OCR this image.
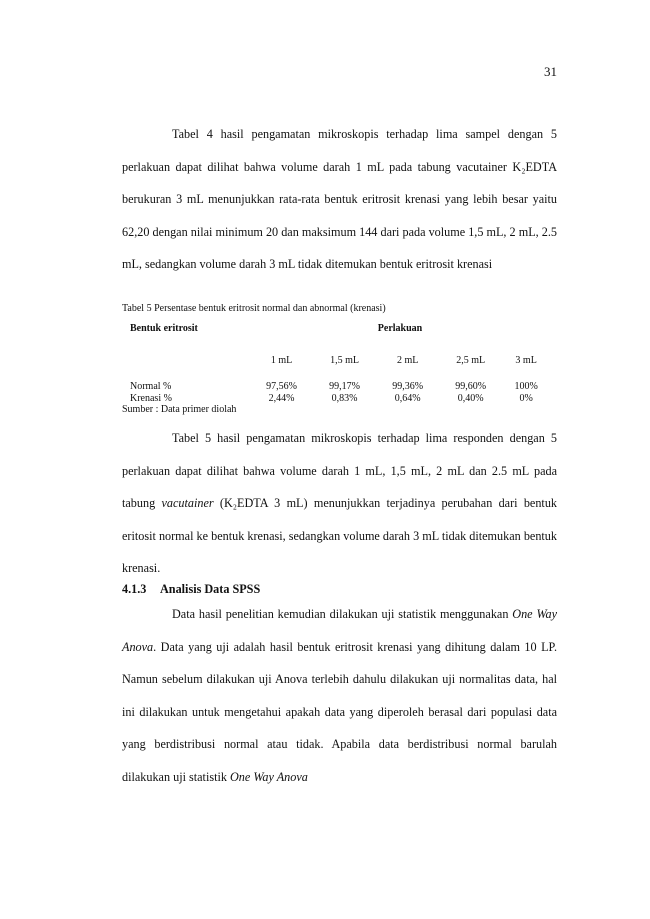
31

Tabel 4 hasil pengamatan mikroskopis terhadap lima sampel dengan 5 perlakuan dapat dilihat bahwa volume darah 1 mL pada tabung vacutainer K₂EDTA berukuran 3 mL menunjukkan rata-rata bentuk eritrosit krenasi yang lebih besar yaitu 62,20 dengan nilai minimum 20 dan maksimum 144 dari pada volume 1,5 mL, 2 mL, 2.5 mL, sedangkan volume darah 3 mL tidak ditemukan bentuk eritrosit krenasi

Tabel 5 Persentase bentuk eritrosit normal dan abnormal (krenasi)
Bentuk eritrosit	Perlakuan				
	1 mL	1,5 mL	2 mL	2,5 mL	3 mL
Normal %	97,56%	99,17%	99,36%	99,60%	100%
Krenasi %	2,44%	0,83%	0,64%	0,40%	0%
Sumber : Data primer diolah

Tabel 5 hasil pengamatan mikroskopis terhadap lima responden dengan 5 perlakuan dapat dilihat bahwa volume darah 1 mL, 1,5 mL, 2 mL dan 2.5 mL pada tabung vacutainer (K₂EDTA 3 mL) menunjukkan terjadinya perubahan dari bentuk eritosit normal ke bentuk krenasi, sedangkan volume darah 3 mL tidak ditemukan bentuk krenasi.

4.1.3 Analisis Data SPSS

Data hasil penelitian kemudian dilakukan uji statistik menggunakan One Way Anova. Data yang uji adalah hasil bentuk eritrosit krenasi yang dihitung dalam 10 LP. Namun sebelum dilakukan uji Anova terlebih dahulu dilakukan uji normalitas data, hal ini dilakukan untuk mengetahui apakah data yang diperoleh berasal dari populasi data yang berdistribusi normal atau tidak. Apabila data berdistribusi normal barulah dilakukan uji statistik One Way Anova
